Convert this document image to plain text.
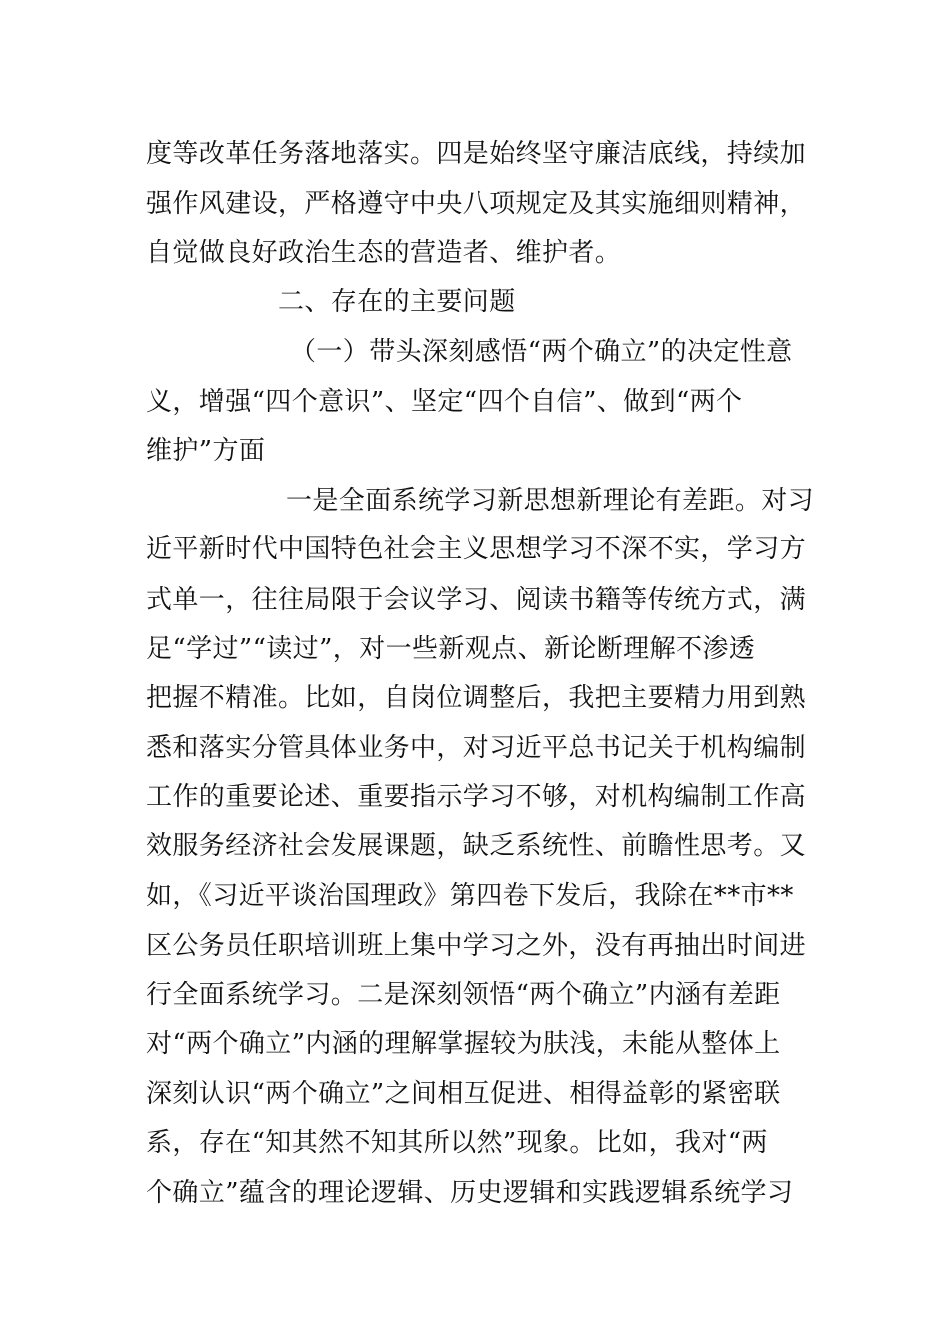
度等改革任务落地落实。四是始终坚守廉洁底线，持续加
强作风建设，严格遵守中央八项规定及其实施细则精神，
自觉做良好政治生态的营造者、维护者。
二、存在的主要问题
（一）带头深刻感悟“两个确立”的决定性意
义，增强“四个意识”、坚定“四个自信”、做到“两个
维护”方面
一是全面系统学习新思想新理论有差距。对习
近平新时代中国特色社会主义思想学习不深不实，学习方
式单一，往往局限于会议学习、阅读书籍等传统方式，满
足“学过”“读过”，对一些新观点、新论断理解不渗透
把握不精准。比如，自岗位调整后，我把主要精力用到熟
悉和落实分管具体业务中，对习近平总书记关于机构编制
工作的重要论述、重要指示学习不够，对机构编制工作高
效服务经济社会发展课题，缺乏系统性、前瞻性思考。又
如，《习近平谈治国理政》第四卷下发后，我除在**市**
区公务员任职培训班上集中学习之外，没有再抽出时间进
行全面系统学习。二是深刻领悟“两个确立”内涵有差距
对“两个确立”内涵的理解掌握较为肤浅，未能从整体上
深刻认识“两个确立”之间相互促进、相得益彰的紧密联
系，存在“知其然不知其所以然”现象。比如，我对“两
个确立”蕴含的理论逻辑、历史逻辑和实践逻辑系统学习
